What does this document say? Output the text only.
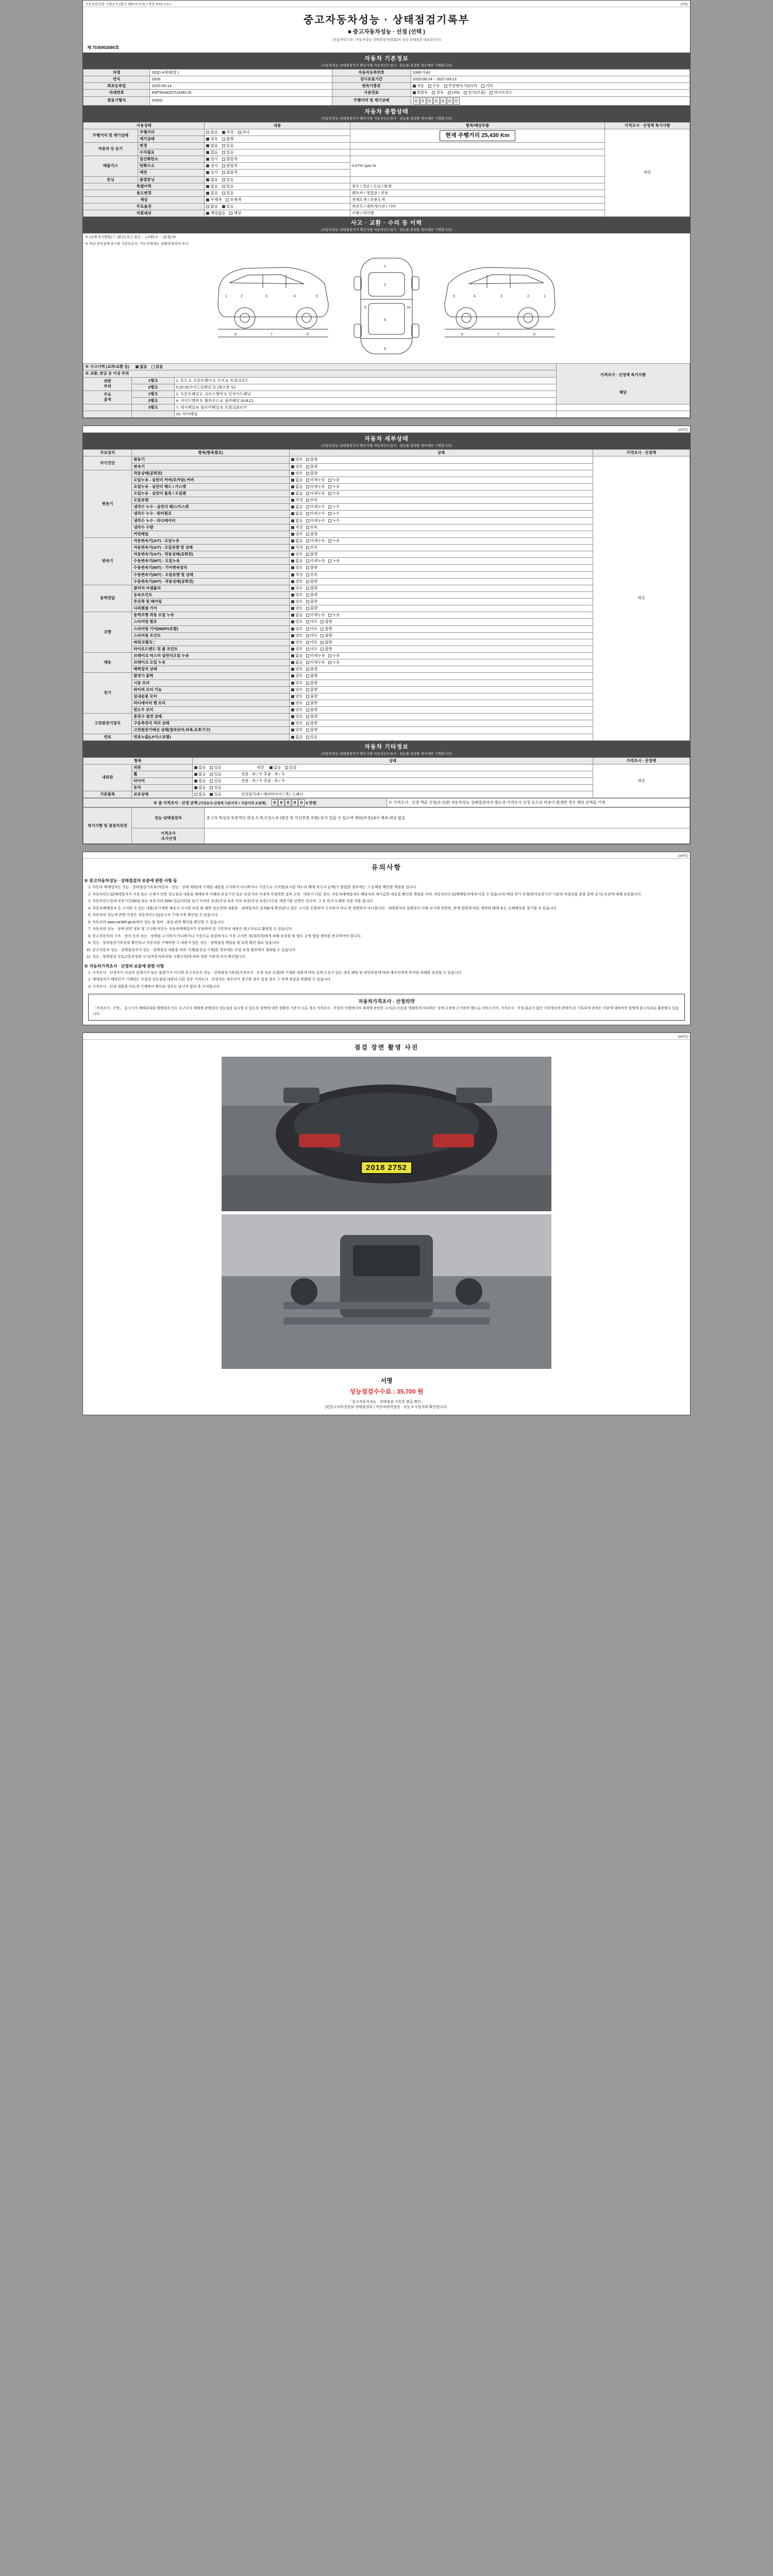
자동차관리법 시행규칙 [별지 제82호서식] <개정 2021.1.5.>	(3쪽)
중고자동차성능 · 상태점검기록부
■ 중고자동차성능 · 선점 (선택 )
(자동차인도일 : 자동차성능·상태점검자(협회)의 성능·상태점검 내용입니다)
제 7036902680호
자동차 기본정보
(자동차성능·상태점검자가 확인사항 자동차인도일시 · 성능를 점검한 경우에만 기재합니다)
차명	OOO 4세대(알 )	자동차등록번호	1069 다42
연식	2026	검사유효기간	2025-09-14 ~ 2027-09-13
최초등록일	2025-05-14	변속기종류	자동 수동 무단변속기(CVT) 기타
차대번호	KMTRA4DD7UX56176	사용연료	휘발유 경유 LPG 전기(브롬) 하이브리드
원동기형식	G4DG	주행거리 및 계기상태	0 0 0 0 0 0 0
자동차 종합상태
(자동차성능·상태점검자가 확인사항 자동차인도일시 · 성능를 점검한 경우에만 기재합니다)
사용상태		내용	항목/해당부품	가격조사 · 산정액 특기사항
주행거리 및 계기상태	주행거리	많음 적정 과다	현재 주행거리 25,430 Km	해당
	계기상태	양호 불량		
자동차 등 등기	변경	없음 있음		
	수리필요	없음 있음		
배출가스	일산화탄소	검사 불합격	0.07% 1pm %	
	탄화수소	검사 불합격		
	매연	검사 불합격		
튜닝	불법튜닝	없음 있음		
특별이력		없음 있음	침수 / 전손 / 도난 / 화재	
용도변경		없음 있음	렌트카 / 영업용 / 관용	
색상		무채색 유채색	전체도색 / 부분도색	
주요옵션		없음 있음	썬루프 / 내비게이션 / 기타	
리콜대상		해당없음 해당	이행 / 미이행	
사고 · 교환 · 수리 등 이력
(자동차성능·상태점검자가 확인사항 자동차인도일시 · 성능를 점검한 경우에만 기재합니다)
※ (실제 표시방법) ▷ (환금) 또는 판금 ··· (교환) X ··· (용접) W
※ 하단 앞부분에 표시한 기준으로서, 기타 부위에도 상태에 따라서 표시
1	2	3	4	5
6	7	8
1
3
8
4
9	10
1
2
3
4
5
6
7
8
※ 사고이력 (교차/교환 등) 없음 있음			가격조사 · 산정액 특기사항
해당

※ 교환, 판금 등 이상 부위			
외판
부위	1랭크	1. 후드 2. 프론트펜더 3. 도어 4. 트렁크리드	
	2랭크	5.(O.O)사이드실패널 등 (최소한 등)	
주요
골격	1랭크	1. 프론트패널 2. 크로스멤버 3. 인사이드패널	
	2랭크	4. 사이드멤버 5. 휠하우스 6. 필러패널 (A,B,C)	
	3랭크	7. 대시패널 8. 플로어패널 9. 트렁크플로어	
		10. 리어패널	

(2/4쪽)
자동차 세부상태
(자동차성능·상태점검자가 확인사항 자동차인도일시 · 성능를 점검한 경우에만 기재합니다)
주요장치	항목(항목별로)	상태	가격조사 · 산정액
자기진단	원동기	양호 불량	해당
	변속기	양호 불량	
원동기	작동상태(공회전)	양호 불량	
	오일누유 - 실린더 커버(로커암) 커버	없음 미세누유 누유	
	오일누유 - 실린더 헤드 / 가스켓	없음 미세누유 누유	
	오일누유 - 실린더 블록 / 오일팬	없음 미세누유 누유	
	오일유량	적정 부족	
	냉각수 누수 - 실린더 헤드/가스켓	없음 미세누수 누수	
	냉각수 누수 - 워터펌프	없음 미세누수 누수	
	냉각수 누수 - 라디에이터	없음 미세누수 누수	
	냉각수 수량	적정 부족	
	커먼레일	양호 불량	
변속기	자동변속기(A/T) - 오일누유	없음 미세누유 누유	
	자동변속기(A/T) - 오일유량 및 상태	적정 부족	
	자동변속기(A/T) - 작동상태(공회전)	양호 불량	
	수동변속기(M/T) - 오일누유	없음 미세누유 누유	
	수동변속기(M/T) - 기어변속장치	양호 불량	
	수동변속기(M/T) - 오일유량 및 상태	적정 부족	
	수동변속기(M/T) - 작동상태(공회전)	양호 불량	
동력전달	클러치 어셈블리	양호 불량	
	등속조인트	양호 불량	
	추진축 및 베어링	양호 불량	
	디퍼렌셜 기어	양호 불량	
조향	동력조향 작동 오일 누유	없음 미세누유 누유	
	스티어링 펌프	양호 마모 불량	
	스티어링 기어(MDPS포함)	양호 마모 불량	
	스티어링 조인트	양호 마모 불량	
	파워크랭크','	양호 마모 불량	
	타이로드엔드 및 볼 조인트	양호 마모 불량	
제동	브레이크 마스터 실린더오일 누유	없음 미세누유 누유	
	브레이크 오일 누유	없음 미세누유 누유	
	배력장치 상태	양호 불량	
전기	발전기 출력	양호 불량	
	시동 모터	양호 불량	
	와이퍼 모터 기능	양호 불량	
	실내송풍 모터	양호 불량	
	라디에이터 팬 모터	양호 불량	
	윈도우 모터	양호 불량	
고전원전기장치	충전구 절연 상태	양호 불량	
	구동축전지 격리 상태	양호 불량	
	고전원전기배선 상태(접속단자,피복,보호기구)	양호 불량	
연료	연료누출(LP가스포함)	없음 있음	
자동차 기타정보
(자동차성능·상태점검자가 확인사항 자동차인도일시 · 성능를 점검한 경우에만 기재합니다)
항목		상태	가격조사 · 산정액
내외관	외관	없음 있음 내장 없음 있음	해당
	휠	없음 있음 전륜 : 좌 / 우 후륜 : 좌 / 우	
	타이어	없음 있음 전륜 : 좌 / 우 후륜 : 좌 / 우	
	유리	없음 있음	
기본품목	보유상태	없음 있음 안전삼각대 / 예비타이어 / 잭 / 스패너	
※ 총 가격조사 · 산정 금액 (가격조사·산정액 기준가격 + 가감가격 조정액)	0 0 0 0 0 0 만원	※ 가격조사 · 산정 액을 산정(조사)한 자동차성능·상태점검자가 별도의 가격조사·산정 등으로 비용이 발생한 경우 해당 금액을 기재
특기사항 및 점검자의견	성능·상태점검자	중고차 특성상 부분적인 판금,도색,오일누유 (엔진 및 미션부분 포함) 등이 있을 수 있으며 예외(보증)내지 예외 대상 없음
	가격조사
·조사산정	

(3/4쪽)
유의사항
※ 중고자동차성능 · 상태점검자 보증에 관한 사항 등
1. 자동차 매매업자는 성능 · 상태점검기록부(자동차 · 성능 · 상태 제외)에 기재된 내용을 고지하지 아니하거나 거짓으로 고지할(표시된 에누리 배에 적으냐 금액)기 불법한 경우에는 그 손해를 배상할 책임을 집니다.
2. 자동차인도일(매매업자가 거짓 또는 고체가 인한 성능점검 내용을 매매부자 이해의 보증기간 또는 보증거리 이내에 지정하면 설비 고장 · 내부기 다른 경우, 자동차매매업자는 해당자의 제시급한 대응을 확인할 책임을 지며, 자동차인도일(매매업자에게 이를 수 있습니다) 배상 만기 산정(하자보증기간 기준의 적절성을 준용 통하 공지) 보장에 대해 보증합니다.
3. 자동차인도일에 보증기간(30일 또는 보증거리 2000 킬로미터를 넘기 어려운 보증(무상 보증 미보 보증(무상 보증)기간을 개별기준 선택인 것이며, 그 중 먼저 도래한 것을 적용 합니다.
4. 자동차매매업자 등 고지한 수 있는 내용(공기계측 배송시 이사한 보증 및 제반 성능상태 내용을 · 내매업자의 실제품에 확인(판고 있는 고시를 포함하여 고지하지 아니 한 설명하지 아니합니다 · 내매업자의 설명부터 이해 교시에 의한한, 관계 법령에 따른 계약의 해제 또는 손해배상을 청구할 수 있습니다.
5. 자동차의 성능에 관한 사항은 자동차인도일(중고차 구매 이후 확인일 수 있습니다.
6. 자동차의 www.car365.go.kr에서 성능 및 정비 · 점검 관련 확인을 확인할 수 있습니다.
7. 자동차의 성능 · 상태 관련 정보 및 고지해 의무는 자동차매매업자가 부담하며 본 기록부의 내용은 참고자료로 활용할 수 있습니다.
8. 중고자동차의 구조 · 장치 등의 성능 · 상태를 고지하지 아니하거나 거짓으로 점검하거나 거짓 고지한 자(대리자)에게 피해 보상을 및 별도 규정 법령 계약을 준수하여야 합니다.
9. 성능 · 상태점검기록부를 확인하고 자동차를 구매하면 그 내용이 있는 성능 · 상태점검 책임을 및 보험 확인 필요 있습니다.
10. 중고자동차 성능 · 상태점검자가 성능 · 상태점검 내용을 허위 기재(불성실 기재)한 경우에는 보험 보장 범위에서 제외될 수 있습니다.
11. 성능 · 상태점검 국토교통부장관 고시(자동차관리법 시행규칙)에 따라 정한 기준에 의거 확인합니다.
※ 자동차가격조사 · 산정의 보증에 관한 사항
1. 가격조사 · 산정자가 사실과 실제기가 또는 불법가지 아니한 중고자동차 성능 · 상태점검기록부(가격조사 · 산정 부분 포함)에 기재된 내용에 따라 실제 오류가 있는 경우 해당 및 관련부분에 따라 매수인에게 부여된 피해를 보상할 수 있습니다.
2. 매매업자가 해당인가 기재되는 사실상 성능점검 내용의 다른 경우 가격조사 · 산정자는 매수인이 청구한 경우 일정 경우 그 차액 부분을 반환할 수 있습니다.
3. 가격조사 · 산정 내용을 다르게 기재하여 확인된 경우는 당사자 합의 후 조치합니다.
자동차가격조사 · 산정의약
「가격조사 · 산정」 실시기가 매매부대를 매매업자 인도 요구조사 제매에 판매업자 성능점검 실시할 수 있도록 설명에 대한 정확한 기준이 다른 경우 가격조사 · 산정의 이행에서의 제세에 관련한 고지(요구)등을 명확하게 처리하는 상세 규정에 근거하여 별도로 서비스이며, 가격조사 · 산정 물론이 없는 가격정보에 관하여 본 기록부에 준하는 사항에 대하여만 설명에 참고자료로 활용할수 있습니다.

(4/4쪽)
점검 장면 촬영 사진
2018 2752
서명
성능점검수수료 : 35,700 원
「중고자동차성능 · 상태점검 기록부 발급 확인」
[Y]중고차특성정보·상태점검요 | 자동차관리법상 · 성능 3 사업자와 확인합니다.
